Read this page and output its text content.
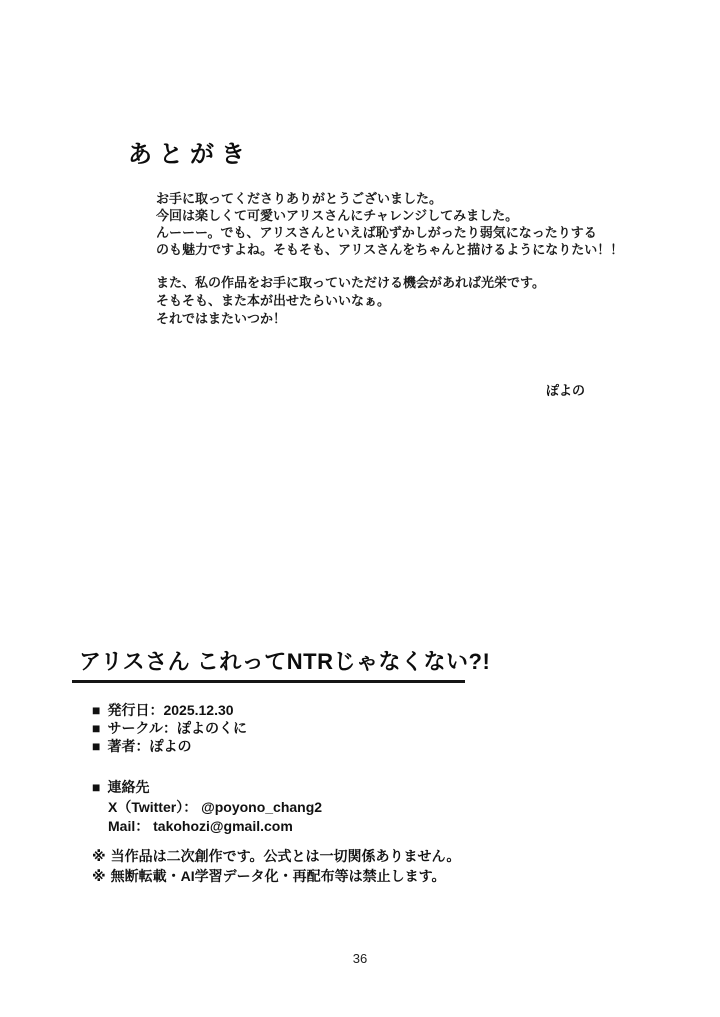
あとがき
お手に取ってくださりありがとうございました。
今回は楽しくて可愛いアリスさんにチャレンジしてみました。
んーーー。でも、アリスさんといえば恥ずかしがったり弱気になったりする
のも魅力ですよね。そもそも、アリスさんをちゃんと描けるようになりたい！！
また、私の作品をお手に取っていただける機会があれば光栄です。
そもそも、また本が出せたらいいなぁ。
それではまたいつか！
ぽよの
アリスさん これってNTRじゃなくない?!
■ 発行日：2025.12.30
■ サークル：ぽよのくに
■ 著者：ぽよの
■ 連絡先
X（Twitter）： @poyono_chang2
Mail： takohozi@gmail.com
※ 当作品は二次創作です。公式とは一切関係ありません。
※ 無断転載・AI学習データ化・再配布等は禁止します。
36
